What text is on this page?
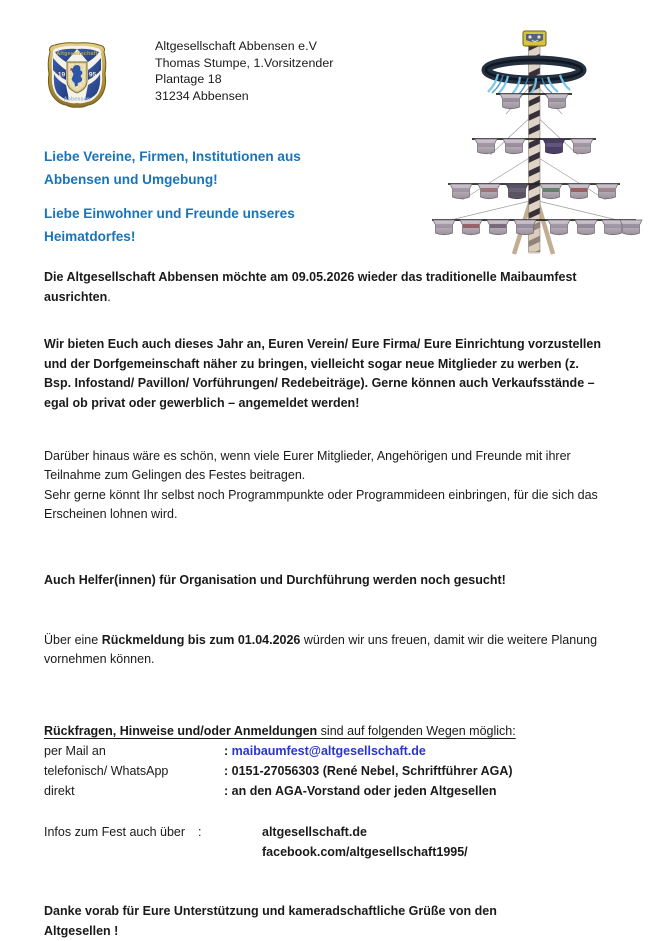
Altgesellschaft
Abbensen
19	95
Altgesellschaft Abbensen e.V
Thomas Stumpe, 1.Vorsitzender
Plantage 18
31234 Abbensen
Liebe Vereine, Firmen, Institutionen aus
Abbensen und Umgebung!
Liebe Einwohner und Freunde unseres
Heimatdorfes!

Die Altgesellschaft Abbensen möchte am 09.05.2026 wieder das traditionelle Maibaumfest ausrichten.

Wir bieten Euch auch dieses Jahr an, Euren Verein/ Eure Firma/ Eure Einrichtung vorzustellen und der Dorfgemeinschaft näher zu bringen, vielleicht sogar neue Mitglieder zu werben (z. Bsp. Infostand/ Pavillon/ Vorführungen/ Redebeiträge). Gerne können auch Verkaufsstände – egal ob privat oder gewerblich – angemeldet werden!

Darüber hinaus wäre es schön, wenn viele Eurer Mitglieder, Angehörigen und Freunde mit ihrer Teilnahme zum Gelingen des Festes beitragen.

Sehr gerne könnt Ihr selbst noch Programmpunkte oder Programmideen einbringen, für die sich das Erscheinen lohnen wird.

Auch Helfer(innen) für Organisation und Durchführung werden noch gesucht!

Über eine Rückmeldung bis zum 01.04.2026 würden wir uns freuen, damit wir die weitere Planung vornehmen können.

Rückfragen, Hinweise und/oder Anmeldungen sind auf folgenden Wegen möglich:
per Mail an	: maibaumfest@altgesellschaft.de
telefonisch/ WhatsApp	: 0151-27056303 (René Nebel, Schriftführer AGA)
direkt	: an den AGA-Vorstand oder jeden Altgesellen
Infos zum Fest auch über	:	altgesellschaft.de
facebook.com/altgesellschaft1995/

Danke vorab für Eure Unterstützung und kameradschaftliche Grüße von den

Altgesellen !
